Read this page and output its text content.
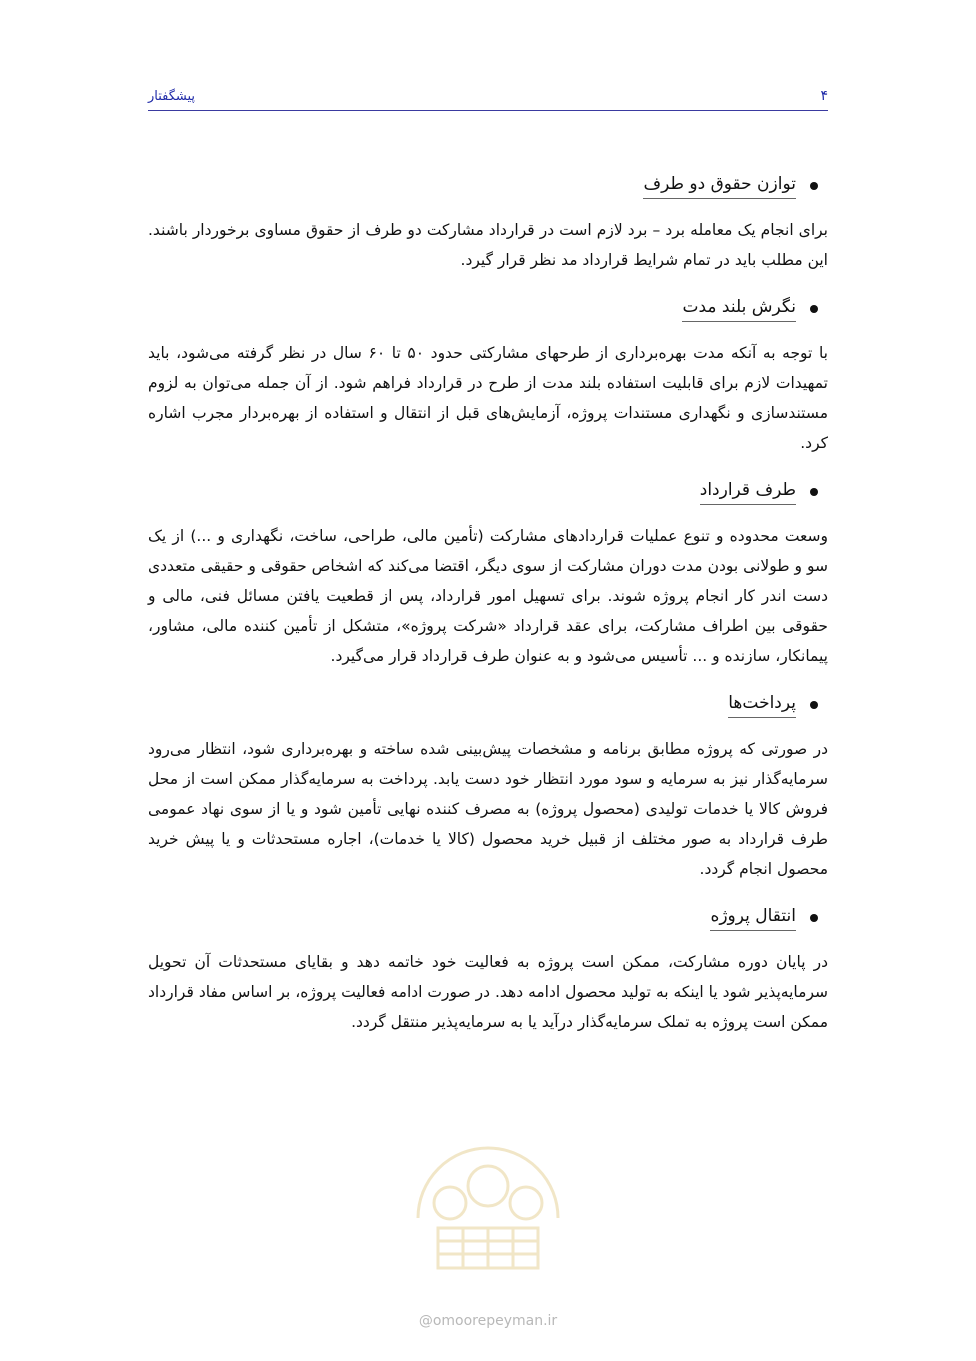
پیشگفتار	۴
توازن حقوق دو طرف

برای انجام یک معامله برد – برد لازم است در قرارداد مشارکت دو طرف از حقوق مساوی برخوردار باشند. این مطلب باید در تمام شرایط قرارداد مد نظر قرار گیرد.

نگرش بلند مدت

با توجه به آنکه مدت بهره‌برداری از طرحهای مشارکتی حدود ۵۰ تا ۶۰ سال در نظر گرفته می‌شود، باید تمهیدات لازم برای قابلیت استفاده بلند مدت از طرح در قرارداد فراهم شود. از آن جمله می‌توان به لزوم مستندسازی و نگهداری مستندات پروژه، آزمایش‌های قبل از انتقال و استفاده از بهره‌بردار مجرب اشاره کرد.

طرف قرارداد

وسعت محدوده و تنوع عملیات قراردادهای مشارکت (تأمین مالی، طراحی، ساخت، نگهداری و ...) از یک سو و طولانی بودن مدت دوران مشارکت از سوی دیگر، اقتضا می‌کند که اشخاص حقوقی و حقیقی متعددی دست اندر کار انجام پروژه شوند. برای تسهیل امور قرارداد، پس از قطعیت یافتن مسائل فنی، مالی و حقوقی بین اطراف مشارکت، برای عقد قرارداد «شرکت پروژه»، متشکل از تأمین کننده مالی، مشاور، پیمانکار، سازنده و ... تأسیس می‌شود و به عنوان طرف قرارداد قرار می‌گیرد.

پرداخت‌ها

در صورتی که پروژه مطابق برنامه و مشخصات پیش‌بینی شده ساخته و بهره‌برداری شود، انتظار می‌رود سرمایه‌گذار نیز به سرمایه و سود مورد انتظار خود دست یابد. پرداخت به سرمایه‌گذار ممکن است از محل فروش کالا یا خدمات تولیدی (محصول پروژه) به مصرف کننده نهایی تأمین شود و یا از سوی نهاد عمومی طرف قرارداد به صور مختلف از قبیل خرید محصول (کالا یا خدمات)، اجاره مستحدثات و یا پیش خرید محصول انجام گردد.

انتقال پروژه

در پایان دوره مشارکت، ممکن است پروژه به فعالیت خود خاتمه دهد و بقایای مستحدثات آن تحویل سرمایه‌پذیر شود یا اینکه به تولید محصول ادامه دهد. در صورت ادامه فعالیت پروژه، بر اساس مفاد قرارداد ممکن است پروژه به تملک سرمایه‌گذار درآید یا به سرمایه‌پذیر منتقل گردد.

@omoorepeyman.ir
